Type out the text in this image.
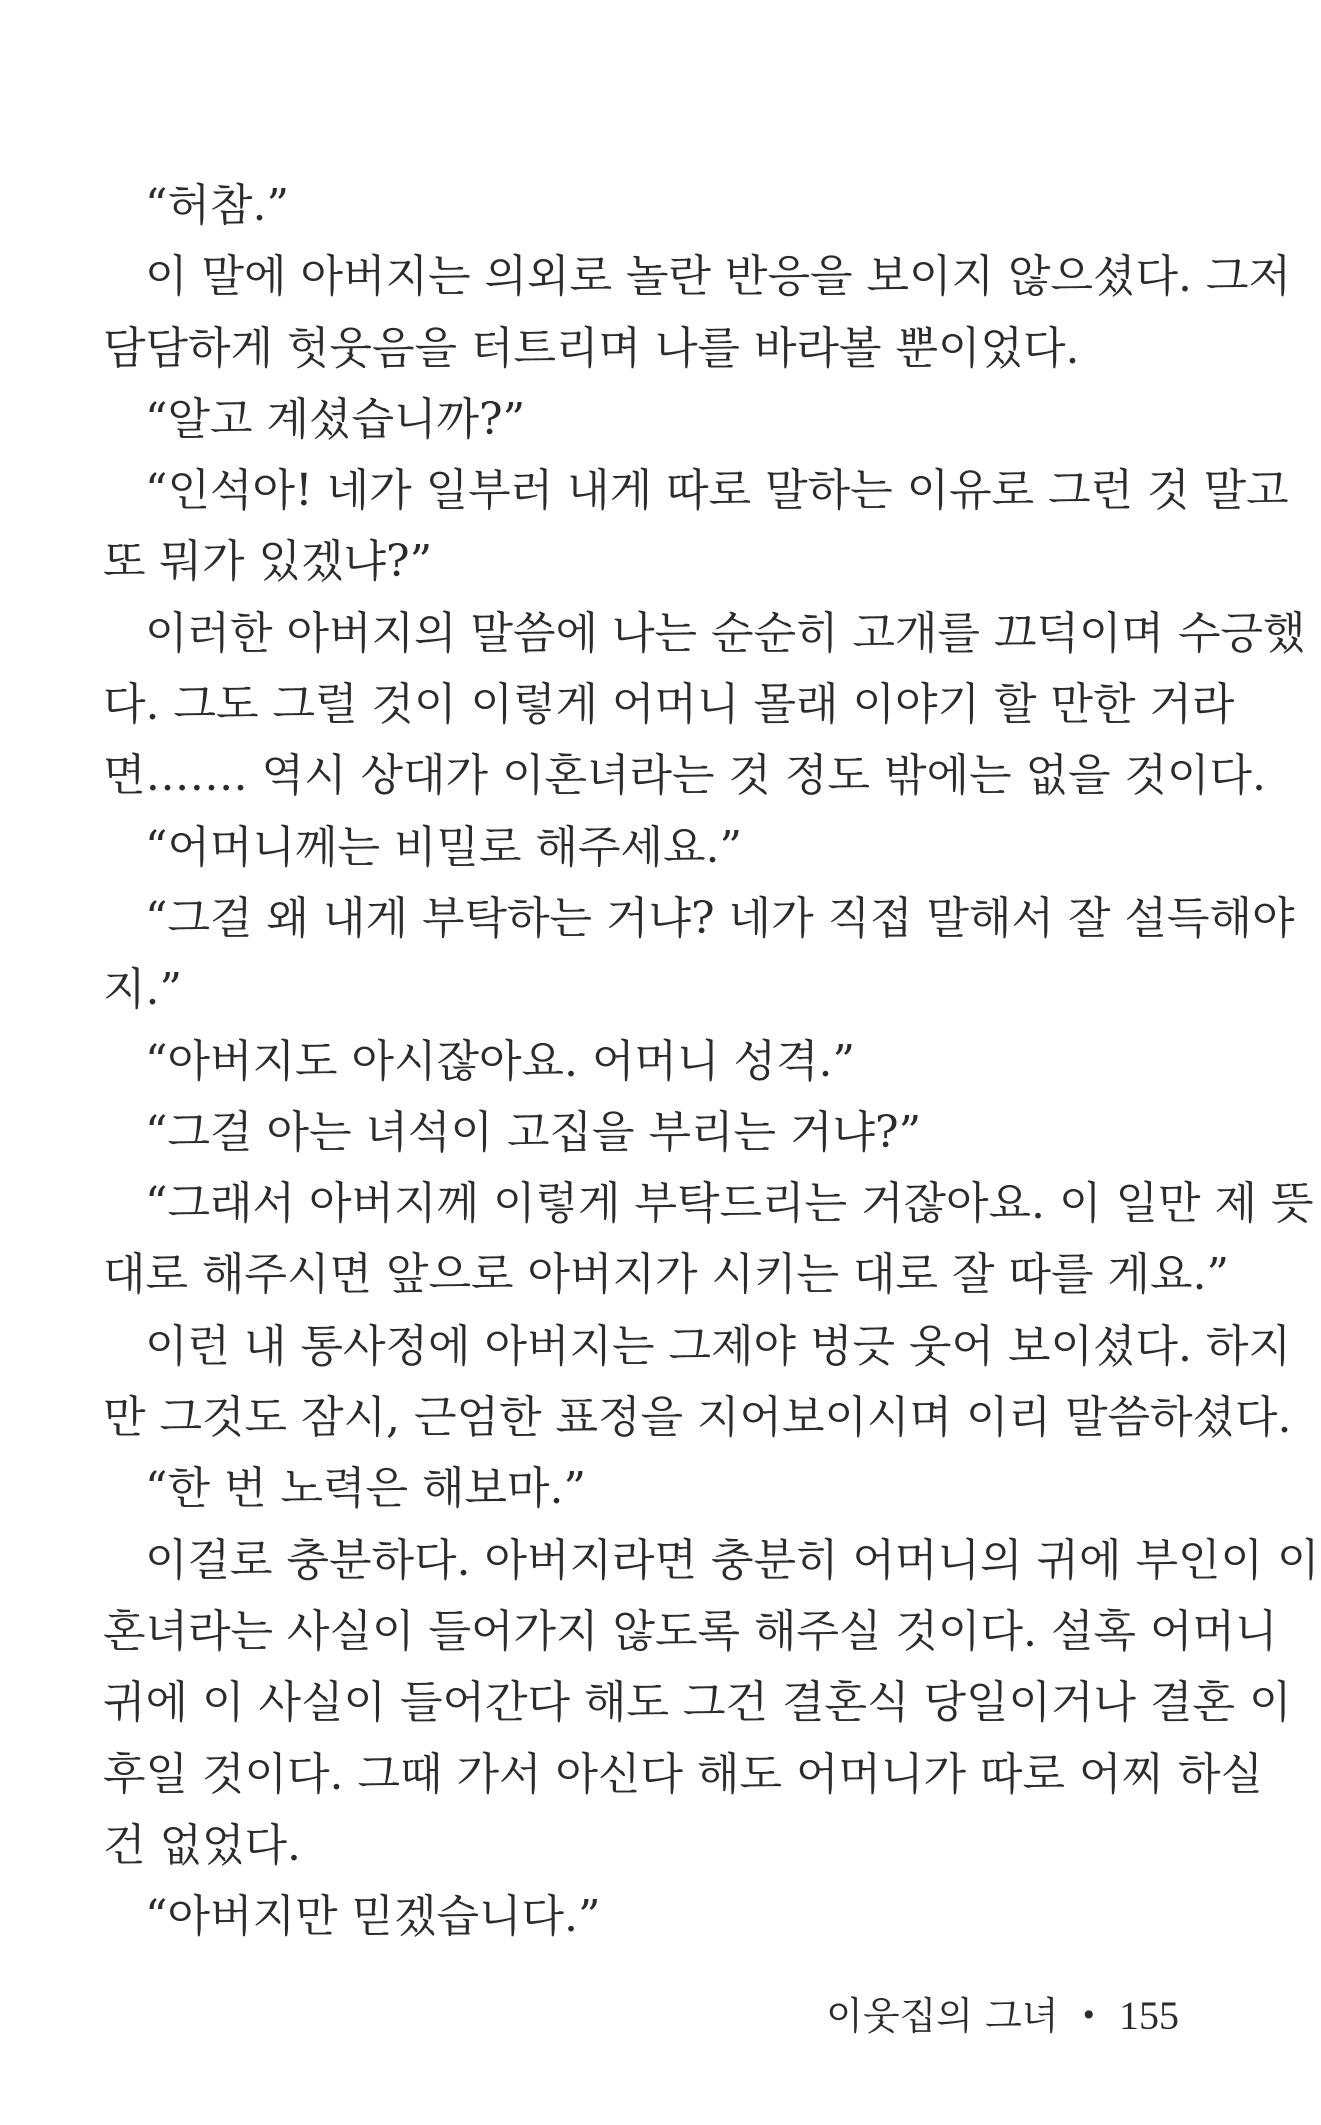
“허참.”

이 말에 아버지는 의외로 놀란 반응을 보이지 않으셨다. 그저

담담하게 헛웃음을 터트리며 나를 바라볼 뿐이었다.

“알고 계셨습니까?”

“인석아! 네가 일부러 내게 따로 말하는 이유로 그런 것 말고

또 뭐가 있겠냐?”

이러한 아버지의 말씀에 나는 순순히 고개를 끄덕이며 수긍했

다. 그도 그럴 것이 이렇게 어머니 몰래 이야기 할 만한 거라

면……. 역시 상대가 이혼녀라는 것 정도 밖에는 없을 것이다.

“어머니께는 비밀로 해주세요.”

“그걸 왜 내게 부탁하는 거냐? 네가 직접 말해서 잘 설득해야

지.”

“아버지도 아시잖아요. 어머니 성격.”

“그걸 아는 녀석이 고집을 부리는 거냐?”

“그래서 아버지께 이렇게 부탁드리는 거잖아요. 이 일만 제 뜻

대로 해주시면 앞으로 아버지가 시키는 대로 잘 따를 게요.”

이런 내 통사정에 아버지는 그제야 벙긋 웃어 보이셨다. 하지

만 그것도 잠시, 근엄한 표정을 지어보이시며 이리 말씀하셨다.

“한 번 노력은 해보마.”

이걸로 충분하다. 아버지라면 충분히 어머니의 귀에 부인이 이

혼녀라는 사실이 들어가지 않도록 해주실 것이다. 설혹 어머니

귀에 이 사실이 들어간다 해도 그건 결혼식 당일이거나 결혼 이

후일 것이다. 그때 가서 아신다 해도 어머니가 따로 어찌 하실

건 없었다.

“아버지만 믿겠습니다.”

이웃집의 그녀 • 155
